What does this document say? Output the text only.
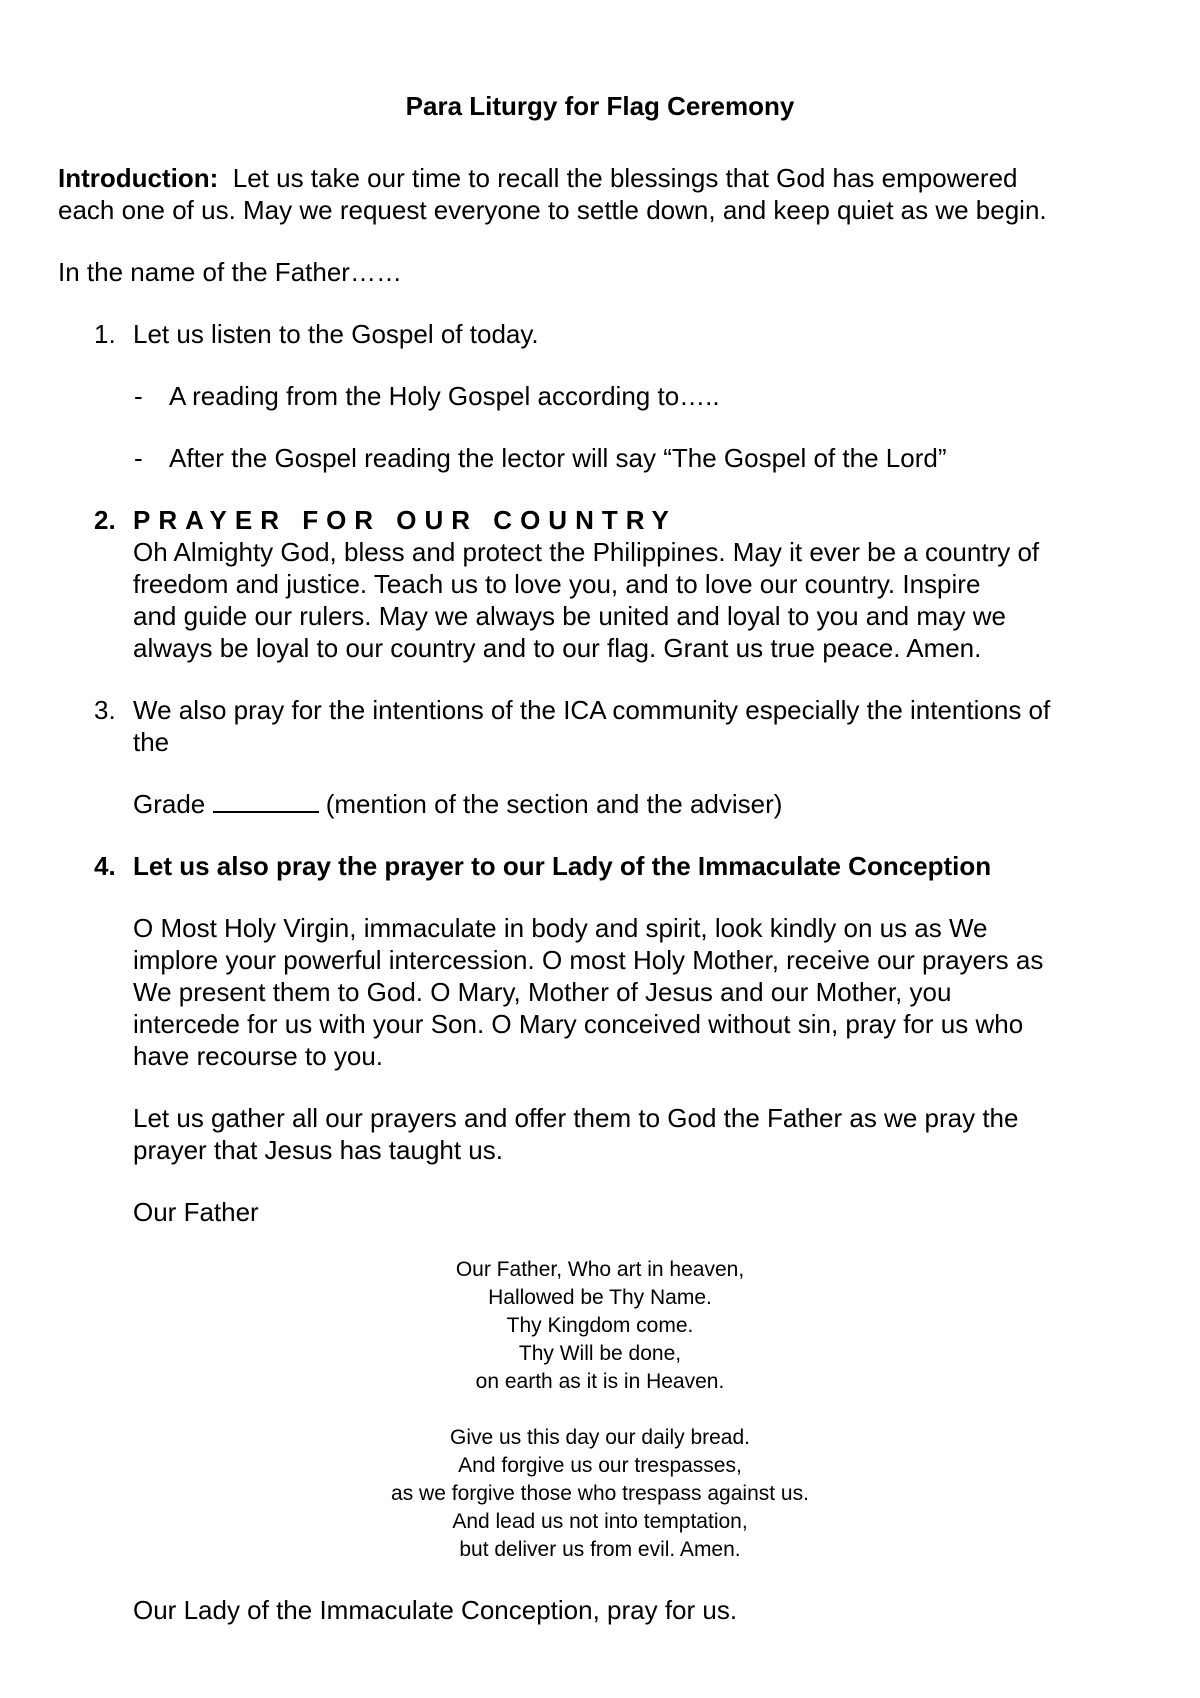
Para Liturgy for Flag Ceremony
Introduction: Let us take our time to recall the blessings that God has empowered
each one of us. May we request everyone to settle down, and keep quiet as we begin.
In the name of the Father……
1. Let us listen to the Gospel of today.
- A reading from the Holy Gospel according to…..
- After the Gospel reading the lector will say “The Gospel of the Lord”
2. PRAYER FOR OUR COUNTRY
Oh Almighty God, bless and protect the Philippines. May it ever be a country of
freedom and justice. Teach us to love you, and to love our country. Inspire
and guide our rulers. May we always be united and loyal to you and may we
always be loyal to our country and to our flag. Grant us true peace. Amen.
3. We also pray for the intentions of the ICA community especially the intentions of
the
Grade	(mention of the section and the adviser)
4. Let us also pray the prayer to our Lady of the Immaculate Conception
O Most Holy Virgin, immaculate in body and spirit, look kindly on us as We
implore your powerful intercession. O most Holy Mother, receive our prayers as
We present them to God. O Mary, Mother of Jesus and our Mother, you
intercede for us with your Son. O Mary conceived without sin, pray for us who
have recourse to you.
Let us gather all our prayers and offer them to God the Father as we pray the
prayer that Jesus has taught us.
Our Father
Our Father, Who art in heaven,
Hallowed be Thy Name.
Thy Kingdom come.
Thy Will be done,
on earth as it is in Heaven.
Give us this day our daily bread.
And forgive us our trespasses,
as we forgive those who trespass against us.
And lead us not into temptation,
but deliver us from evil. Amen.
Our Lady of the Immaculate Conception, pray for us.
